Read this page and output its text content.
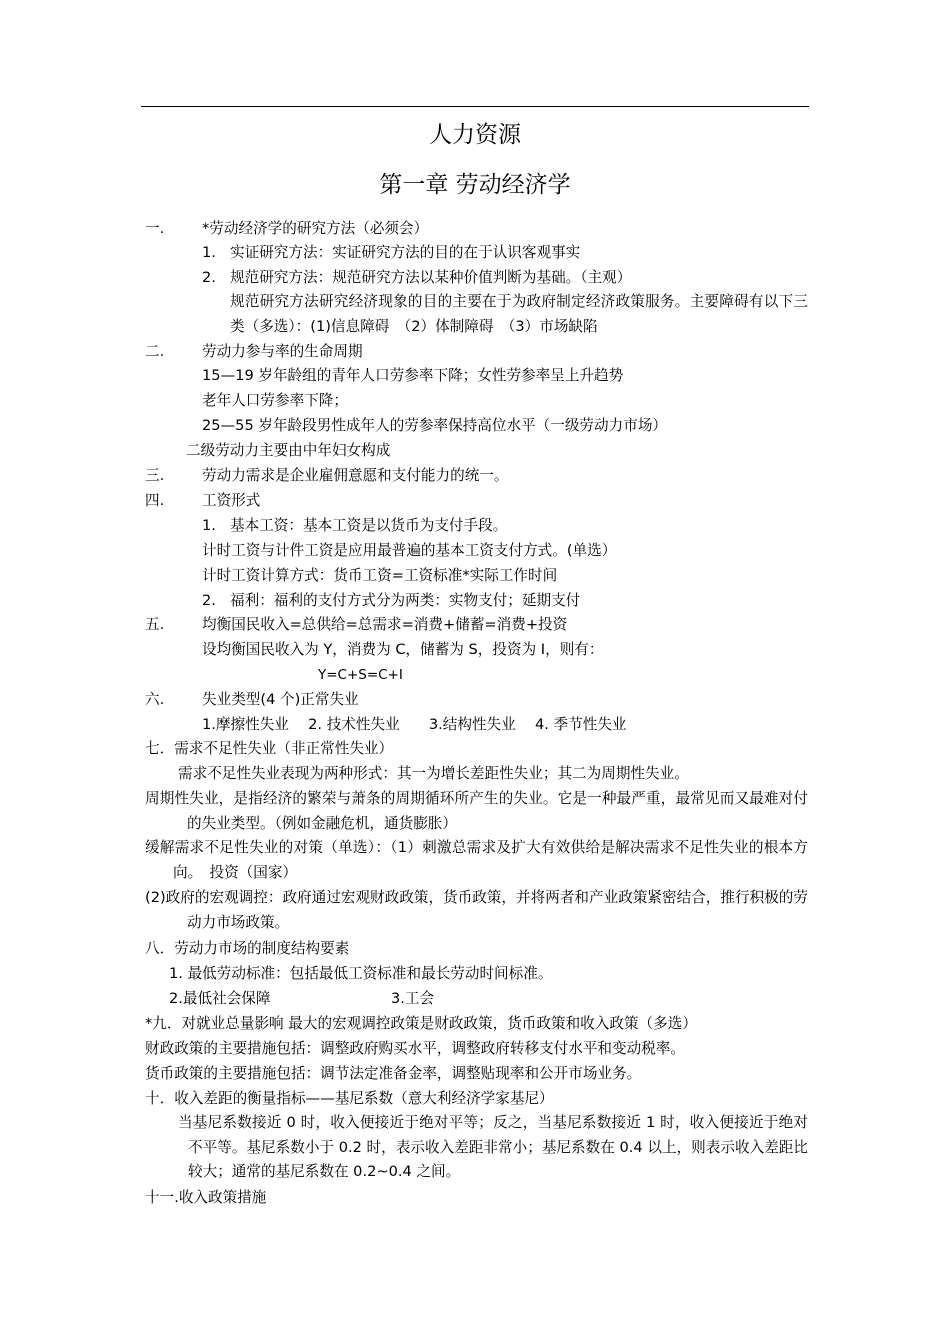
人力资源
第一章 劳动经济学
一.	*劳动经济学的研究方法（必须会）
1. 实证研究方法：实证研究方法的目的在于认识客观事实
2. 规范研究方法：规范研究方法以某种价值判断为基础。（主观）
规范研究方法研究经济现象的目的主要在于为政府制定经济政策服务。主要障碍有以下三类（多选）：(1)信息障碍　（2）体制障碍　（3）市场缺陷
二.	劳动力参与率的生命周期
15—19 岁年龄组的青年人口劳参率下降；女性劳参率呈上升趋势
老年人口劳参率下降；
25—55 岁年龄段男性成年人的劳参率保持高位水平（一级劳动力市场）
二级劳动力主要由中年妇女构成
三.	劳动力需求是企业雇佣意愿和支付能力的统一。
四.	工资形式
1. 基本工资：基本工资是以货币为支付手段。
计时工资与计件工资是应用最普遍的基本工资支付方式。(单选）
计时工资计算方式：货币工资=工资标准*实际工作时间
2. 福利：福利的支付方式分为两类：实物支付；延期支付
五.	均衡国民收入=总供给=总需求=消费+储蓄=消费+投资
设均衡国民收入为 Y，消费为 C，储蓄为 S，投资为 I，则有：
Y=C+S=C+I
六.	失业类型(4 个)正常失业
1.摩擦性失业　 2. 技术性失业　　3.结构性失业　 4. 季节性失业
七．需求不足性失业（非正常性失业）
需求不足性失业表现为两种形式：其一为增长差距性失业；其二为周期性失业。
周期性失业，是指经济的繁荣与萧条的周期循环所产生的失业。它是一种最严重，最常见而又最难对付的失业类型。（例如金融危机，通货膨胀）
缓解需求不足性失业的对策（单选）：（1）刺激总需求及扩大有效供给是解决需求不足性失业的根本方向。　投资（国家）
(2)政府的宏观调控：政府通过宏观财政政策，货币政策，并将两者和产业政策紧密结合，推行积极的劳动力市场政策。
八．劳动力市场的制度结构要素
1. 最低劳动标准：包括最低工资标准和最长劳动时间标准。
2.最低社会保障	3.工会
*九．对就业总量影响 最大的宏观调控政策是财政政策，货币政策和收入政策（多选）
财政政策的主要措施包括：调整政府购买水平，调整政府转移支付水平和变动税率。
货币政策的主要措施包括：调节法定准备金率，调整贴现率和公开市场业务。
十．收入差距的衡量指标——基尼系数（意大利经济学家基尼）
当基尼系数接近 0 时，收入便接近于绝对平等；反之，当基尼系数接近 1 时，收入便接近于绝对不平等。基尼系数小于 0.2 时，表示收入差距非常小；基尼系数在 0.4 以上，则表示收入差距比较大；通常的基尼系数在 0.2~0.4 之间。
十一.收入政策措施
